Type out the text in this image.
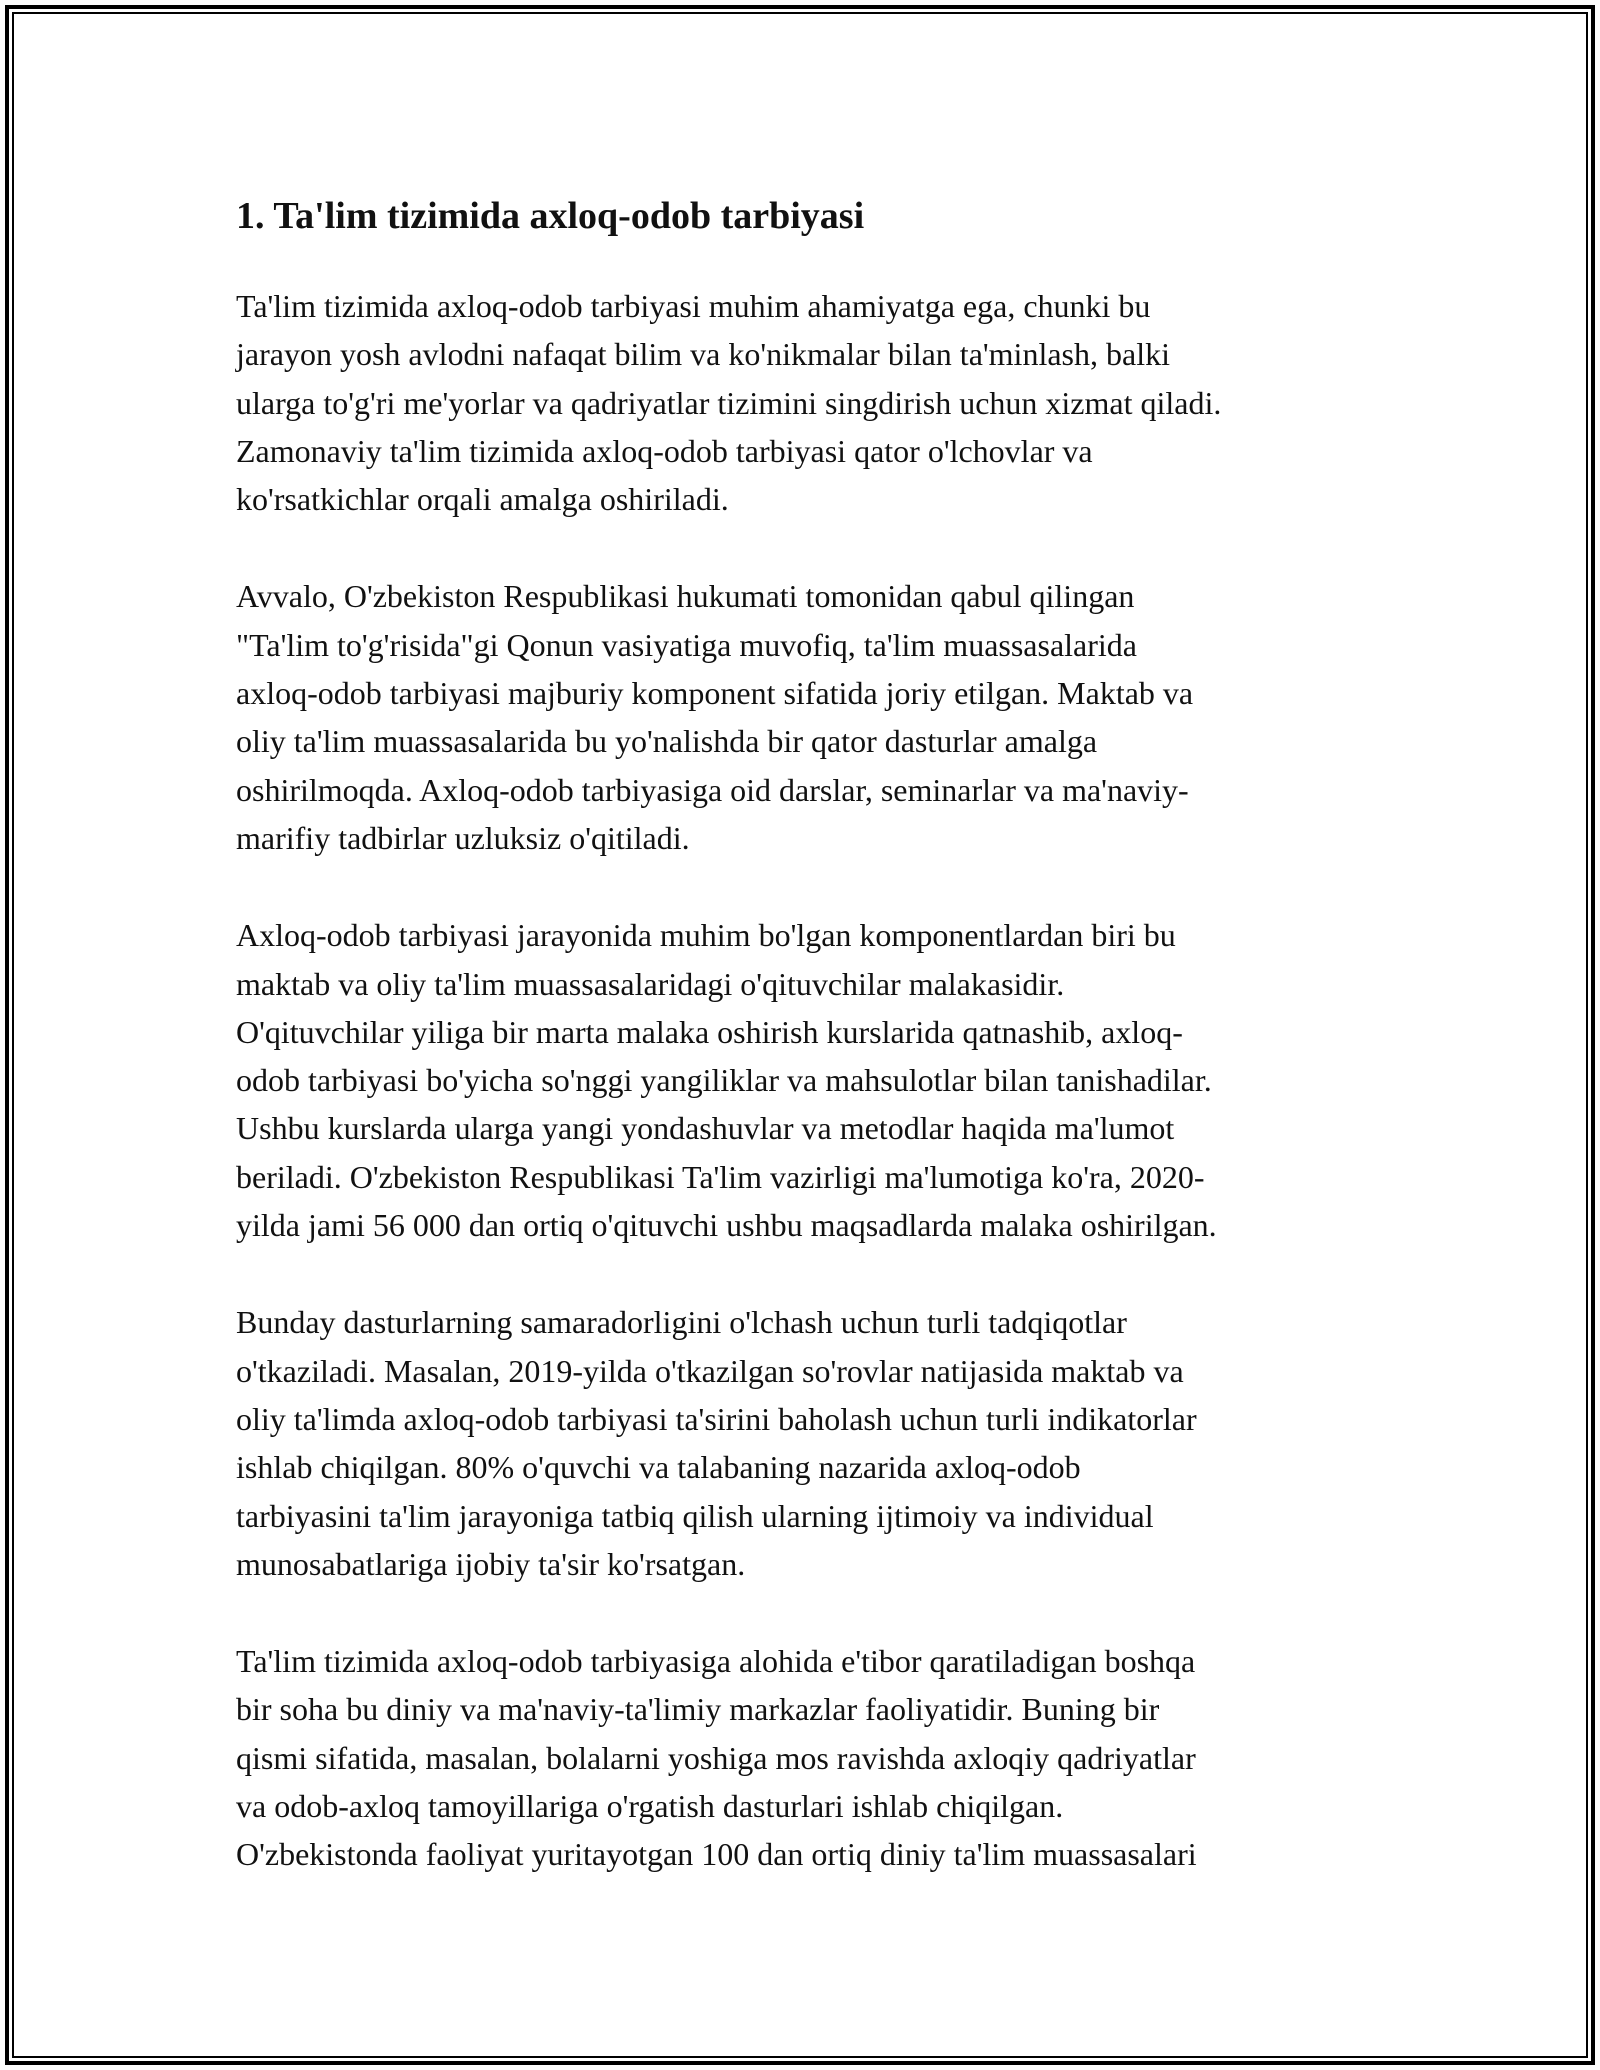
1. Ta'lim tizimida axloq-odob tarbiyasi

Ta'lim tizimida axloq-odob tarbiyasi muhim ahamiyatga ega, chunki bu
jarayon yosh avlodni nafaqat bilim va ko'nikmalar bilan ta'minlash, balki
ularga to'g'ri me'yorlar va qadriyatlar tizimini singdirish uchun xizmat qiladi.
Zamonaviy ta'lim tizimida axloq-odob tarbiyasi qator o'lchovlar va
ko'rsatkichlar orqali amalga oshiriladi.

Avvalo, O'zbekiston Respublikasi hukumati tomonidan qabul qilingan
"Ta'lim to'g'risida"gi Qonun vasiyatiga muvofiq, ta'lim muassasalarida
axloq-odob tarbiyasi majburiy komponent sifatida joriy etilgan. Maktab va
oliy ta'lim muassasalarida bu yo'nalishda bir qator dasturlar amalga
oshirilmoqda. Axloq-odob tarbiyasiga oid darslar, seminarlar va ma'naviy-
marifiy tadbirlar uzluksiz o'qitiladi.

Axloq-odob tarbiyasi jarayonida muhim bo'lgan komponentlardan biri bu
maktab va oliy ta'lim muassasalaridagi o'qituvchilar malakasidir.
O'qituvchilar yiliga bir marta malaka oshirish kurslarida qatnashib, axloq-
odob tarbiyasi bo'yicha so'nggi yangiliklar va mahsulotlar bilan tanishadilar.
Ushbu kurslarda ularga yangi yondashuvlar va metodlar haqida ma'lumot
beriladi. O'zbekiston Respublikasi Ta'lim vazirligi ma'lumotiga ko'ra, 2020-
yilda jami 56 000 dan ortiq o'qituvchi ushbu maqsadlarda malaka oshirilgan.

Bunday dasturlarning samaradorligini o'lchash uchun turli tadqiqotlar
o'tkaziladi. Masalan, 2019-yilda o'tkazilgan so'rovlar natijasida maktab va
oliy ta'limda axloq-odob tarbiyasi ta'sirini baholash uchun turli indikatorlar
ishlab chiqilgan. 80% o'quvchi va talabaning nazarida axloq-odob
tarbiyasini ta'lim jarayoniga tatbiq qilish ularning ijtimoiy va individual
munosabatlariga ijobiy ta'sir ko'rsatgan.

Ta'lim tizimida axloq-odob tarbiyasiga alohida e'tibor qaratiladigan boshqa
bir soha bu diniy va ma'naviy-ta'limiy markazlar faoliyatidir. Buning bir
qismi sifatida, masalan, bolalarni yoshiga mos ravishda axloqiy qadriyatlar
va odob-axloq tamoyillariga o'rgatish dasturlari ishlab chiqilgan.
O'zbekistonda faoliyat yuritayotgan 100 dan ortiq diniy ta'lim muassasalari
